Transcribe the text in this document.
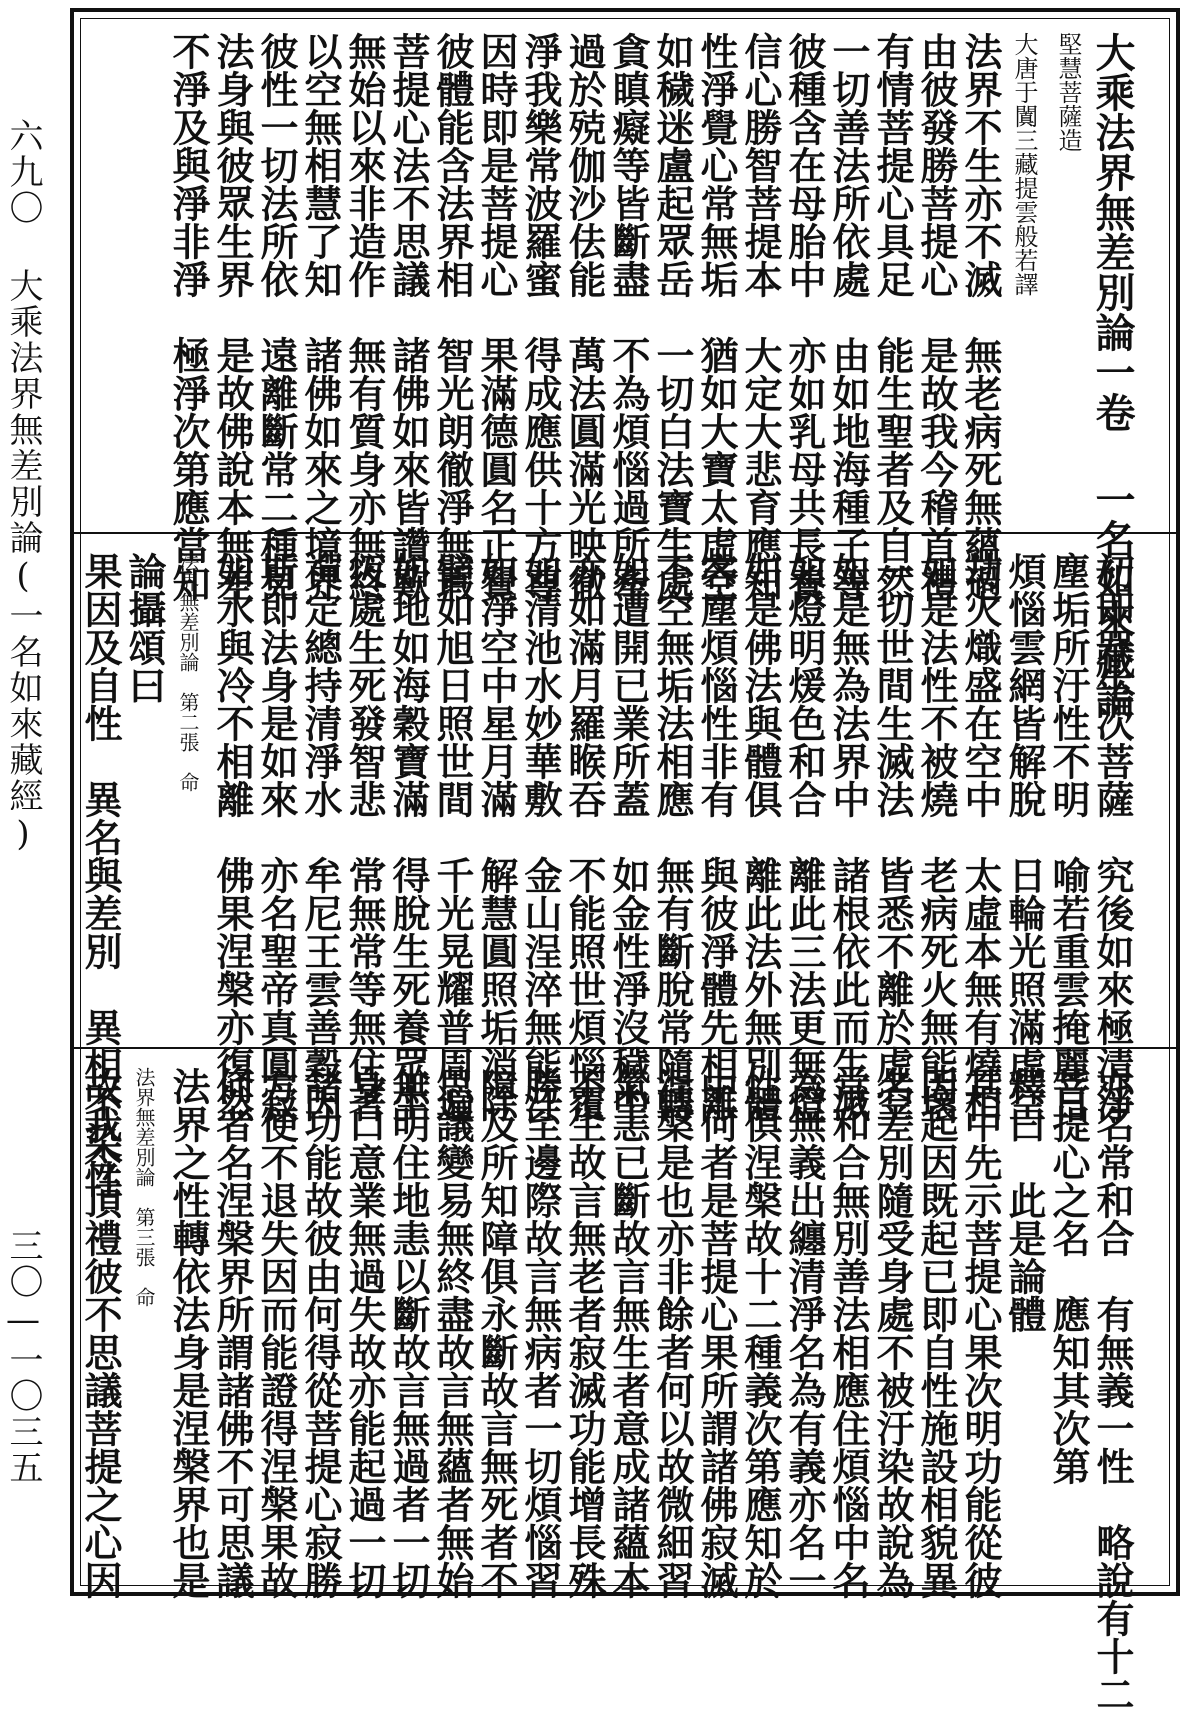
六九〇 大乘法界無差別論(一名如來藏經)
三〇—一〇三五
大乘法界無差別論一卷 一名如來藏論
堅慧菩薩造
大唐于闐三藏提雲般若譯
法界不生亦不滅　無老病死無蘊過
由彼發勝菩提心　是故我今稽首禮
有情菩提心具足　能生聖者及自然
一切善法所依處　由如地海種子等
彼種含在母胎中　亦如乳母共長養
信心勝智菩提本　大定大悲育應知
性淨覺心常無垢　猶如大寶太虛空
如穢迷盧起眾岳　一切白法寶生處
貪瞋癡等皆斷盡　不為煩惱過所牽
過於殑伽沙佉能　萬法圓滿光映徹
淨我樂常波羅蜜　得成應供十方尊
因時即是菩提心　果滿德圓名正覺
彼體能含法界相　智光朗徹淨無瑕
菩提心法不思議　諸佛如來皆讚歎
無始以來非造作　無有質身亦無終
以空無相慧了知　諸佛如來之境界
彼性一切法所依　遠離斷常二種見
法身與彼眾生界　是故佛說本無差
不淨及與淨非淨　極淨次第應當知
初即眾生次菩薩　究後如來極清淨
塵垢所汙性不明　喻若重雲掩麗日
煩惱雲網皆解脫　日輪光照滿虛空
劫火熾盛在空中　太虛本無有燒相
如是法性不被燒　老病死火無能壞
一切世間生滅法　皆悉不離於虛空
如是無為法界中　諸根依此而生滅
如燈明煖色和合　離此三法更無燈
如是佛法與體俱　離此法外無別體
客塵煩惱性非有　與彼淨體先相離
不空無垢法相應　無有斷脫常隨轉
如遭開已業所蓋　如金性淨沒穢中
亦如滿月羅睺吞　不能照世煩惱覆
如清池水妙華敷　金山浧淬無能汙
如淨空中星月滿　解慧圓照垢消除
譬如旭日照世間　千光晃耀普周遍
如地如海穀寶滿　得脫生死養眾生
恆處生死發智悲　常無常等無住著
禪定總持清淨水　牟尼王雲善穀因
斯即法身是如來　亦名聖帝真圓寂
如水與冷不相離　佛果涅槃亦復然
法界無差別論　第二張　命
論攝頌曰
果因及自性　異名與差別　異相不染性
亦名常和合　有無義一性　略說有十二
菩提心之名　應知其次第
釋曰　此是論體
其中先示菩提心果次明功能從彼
因起因既起已即自性施設相貌異
名差別隨受身處不被汙染故說為
常和合無別善法相應住煩惱中名
為無義出纏清淨名為有義亦名一
性俱涅槃故十二種義次第應知於
中何者是菩提心果所謂諸佛寂滅
涅槃是也亦非餘者何以故微細習
氣恚已斷故言無生者意成諸蘊本
不生故言無老者寂滅功能增長殊
勝至邊際故言無病者一切煩惱習
障及所知障俱永斷故言無死者不
思議變易無終盡故言無蘊者無始
無明住地恚以斷故言無過者一切
身口意業無過失故亦能起過一切
諸功能故彼由何得從菩提心寂勝
方便不退失因而能證得涅槃果故
何者名涅槃界所謂諸佛不可思議
法界之性轉依法身是涅槃界也是
法界無差別論　第三張　命
故我今頂禮彼不思議菩提之心因
